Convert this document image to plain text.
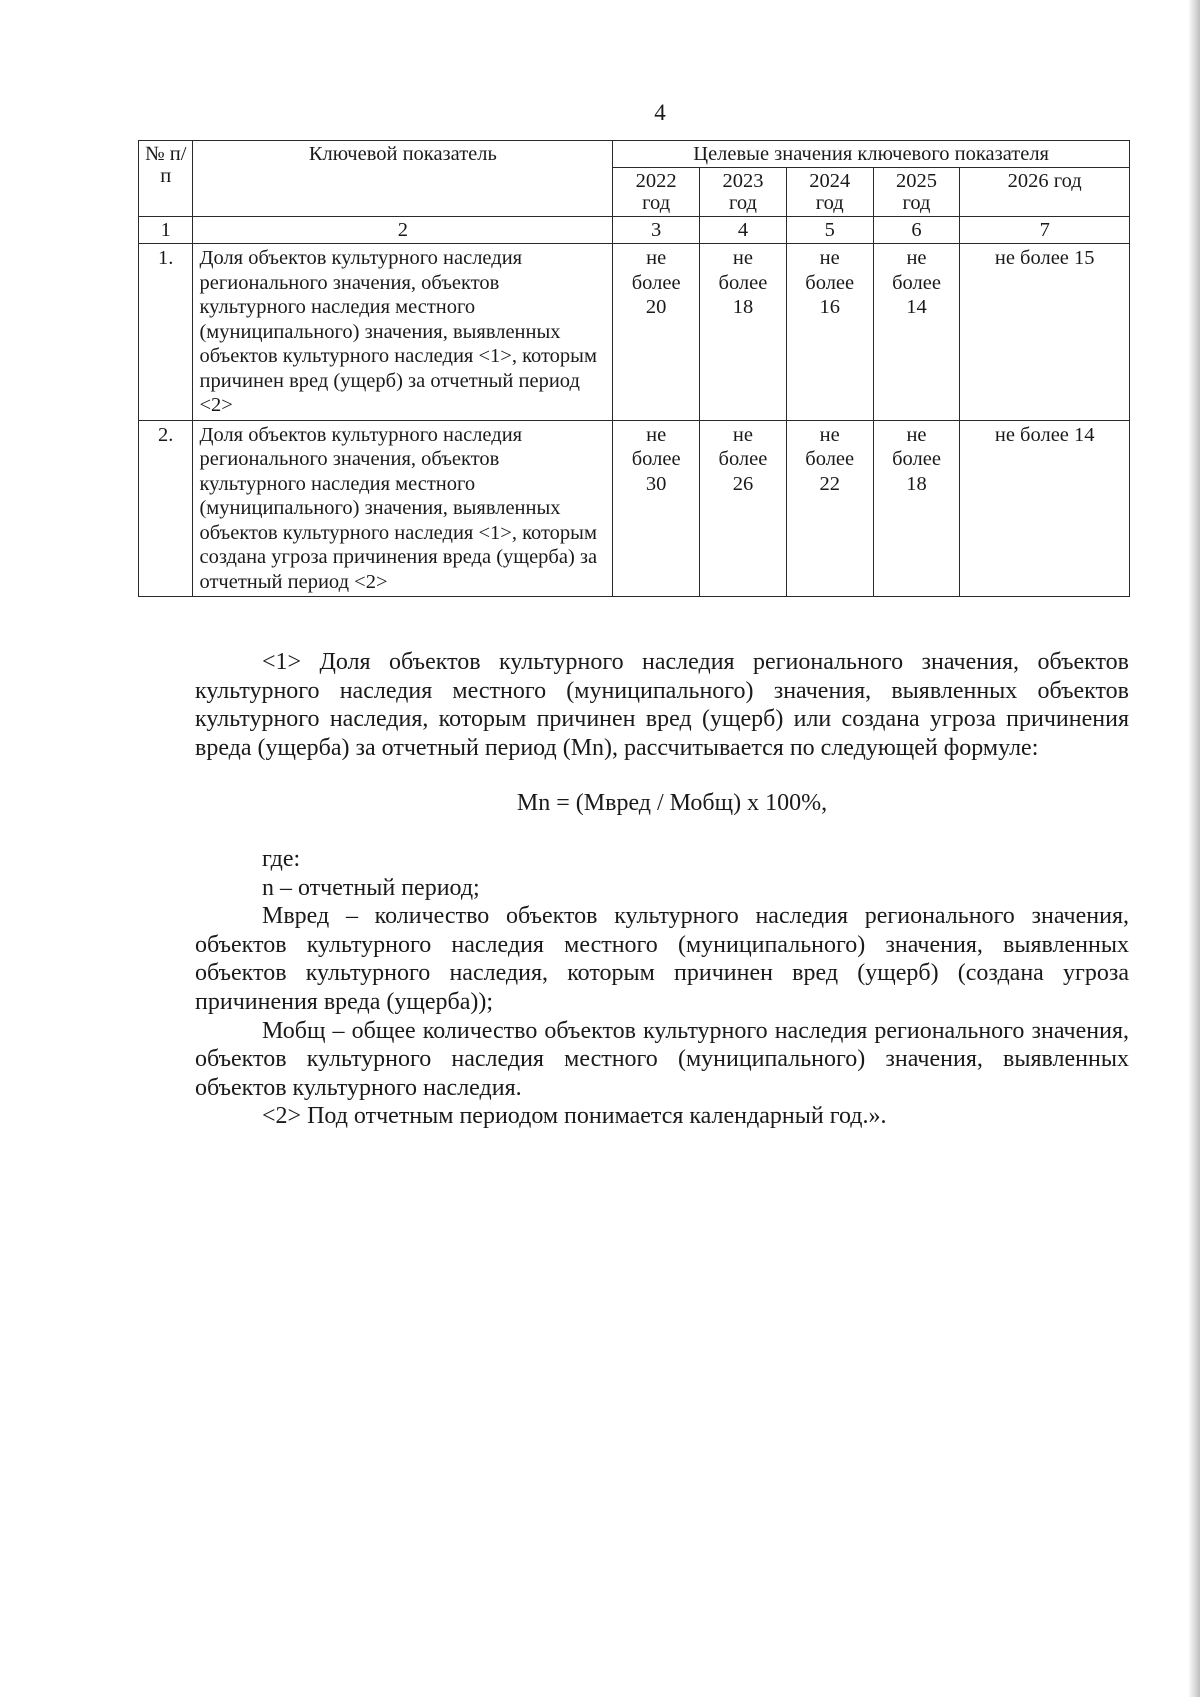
4
№ п/п	Ключевой показатель	Целевые значения ключевого показателя				
		2022 год	2023 год	2024 год	2025 год	2026 год
1	2	3	4	5	6	7
1.	Доля объектов культурного наследия регионального значения, объектов культурного наследия местного (муниципального) значения, выявленных объектов культурного наследия <1>, которым причинен вред (ущерб) за отчетный период <2>	не более 20	не более 18	не более 16	не более 14	не более 15
2.	Доля объектов культурного наследия регионального значения, объектов культурного наследия местного (муниципального) значения, выявленных объектов культурного наследия <1>, которым создана угроза причинения вреда (ущерба) за отчетный период <2>	не более 30	не более 26	не более 22	не более 18	не более 14

<1> Доля объектов культурного наследия регионального значения, объектов культурного наследия местного (муниципального) значения, выявленных объектов культурного наследия, которым причинен вред (ущерб) или создана угроза причинения вреда (ущерба) за отчетный период (Mn), рассчитывается по следующей формуле:

Mn = (Мвред / Мобщ) x 100%,

где:

n – отчетный период;

Мвред – количество объектов культурного наследия регионального значения, объектов культурного наследия местного (муниципального) значения, выявленных объектов культурного наследия, которым причинен вред (ущерб) (создана угроза причинения вреда (ущерба));

Мобщ – общее количество объектов культурного наследия регионального значения, объектов культурного наследия местного (муниципального) значения, выявленных объектов культурного наследия.

<2> Под отчетным периодом понимается календарный год.».
